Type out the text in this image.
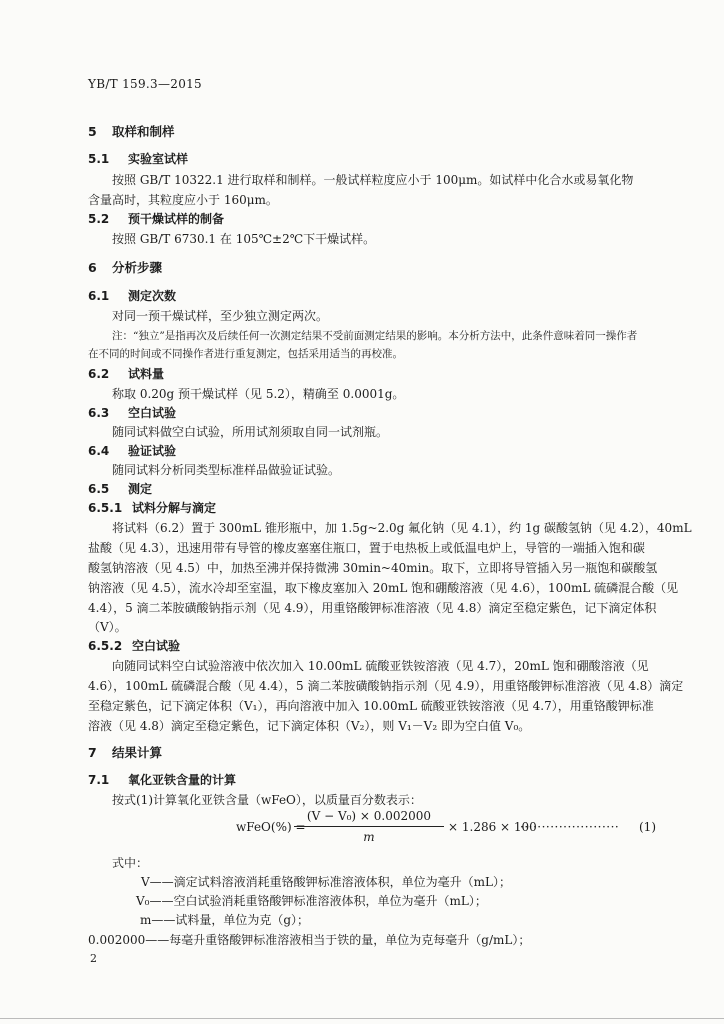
YB/T 159.3—2015
5 取样和制样
5.1 实验室试样
按照 GB/T 10322.1 进行取样和制样。一般试样粒度应小于 100μm。如试样中化合水或易氧化物
含量高时，其粒度应小于 160μm。
5.2 预干燥试样的制备
按照 GB/T 6730.1 在 105℃±2℃下干燥试样。
6 分析步骤
6.1 测定次数
对同一预干燥试样，至少独立测定两次。
注：“独立”是指再次及后续任何一次测定结果不受前面测定结果的影响。本分析方法中，此条件意味着同一操作者
在不同的时间或不同操作者进行重复测定，包括采用适当的再校准。
6.2 试料量
称取 0.20g 预干燥试样（见 5.2），精确至 0.0001g。
6.3 空白试验
随同试料做空白试验，所用试剂须取自同一试剂瓶。
6.4 验证试验
随同试料分析同类型标准样品做验证试验。
6.5 测定
6.5.1 试料分解与滴定
将试料（6.2）置于 300mL 锥形瓶中，加 1.5g~2.0g 氟化钠（见 4.1），约 1g 碳酸氢钠（见 4.2），40mL
盐酸（见 4.3），迅速用带有导管的橡皮塞塞住瓶口，置于电热板上或低温电炉上，导管的一端插入饱和碳
酸氢钠溶液（见 4.5）中，加热至沸并保持微沸 30min~40min。取下，立即将导管插入另一瓶饱和碳酸氢
钠溶液（见 4.5），流水冷却至室温，取下橡皮塞加入 20mL 饱和硼酸溶液（见 4.6），100mL 硫磷混合酸（见
4.4），5 滴二苯胺磺酸钠指示剂（见 4.9），用重铬酸钾标准溶液（见 4.8）滴定至稳定紫色，记下滴定体积
（V）。
6.5.2 空白试验
向随同试料空白试验溶液中依次加入 10.00mL 硫酸亚铁铵溶液（见 4.7），20mL 饱和硼酸溶液（见
4.6），100mL 硫磷混合酸（见 4.4），5 滴二苯胺磺酸钠指示剂（见 4.9），用重铬酸钾标准溶液（见 4.8）滴定
至稳定紫色，记下滴定体积（V₁），再向溶液中加入 10.00mL 硫酸亚铁铵溶液（见 4.7），用重铬酸钾标准
溶液（见 4.8）滴定至稳定紫色，记下滴定体积（V₂），则 V₁－V₂ 即为空白值 V₀。
7 结果计算
7.1 氧化亚铁含量的计算
按式(1)计算氧化亚铁含量（wFeO），以质量百分数表示：
wFeO(%) =
(V − V₀) × 0.002000
m
× 1.286 × 100
······················· (1)
式中：
V——滴定试料溶液消耗重铬酸钾标准溶液体积，单位为毫升（mL）；
V₀——空白试验消耗重铬酸钾标准溶液体积，单位为毫升（mL）；
m——试料量，单位为克（g）；
0.002000——每毫升重铬酸钾标准溶液相当于铁的量，单位为克每毫升（g/mL）；
2
